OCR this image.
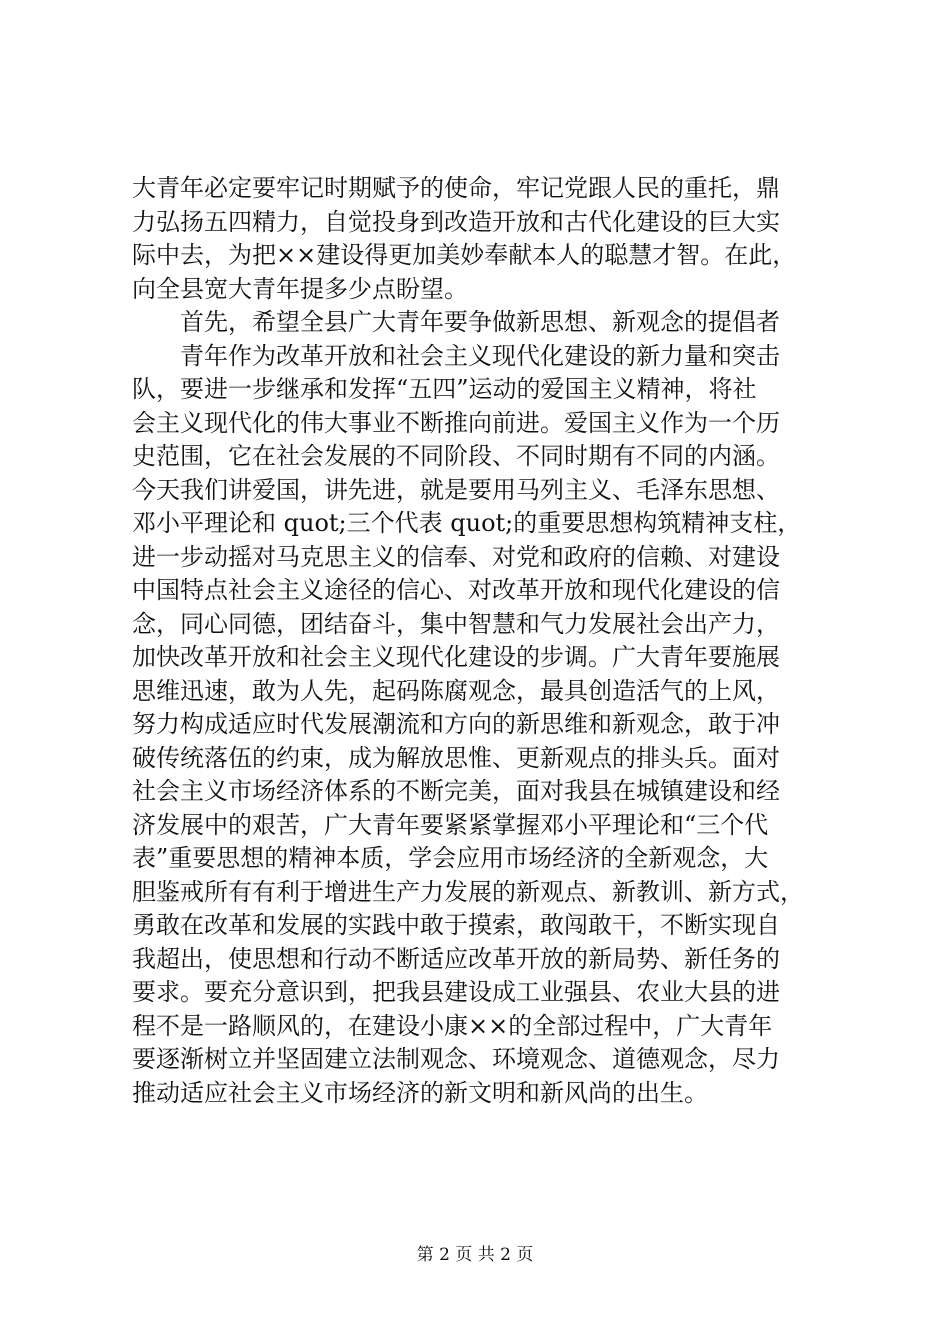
大青年必定要牢记时期赋予的使命，牢记党跟人民的重托，鼎
力弘扬五四精力，自觉投身到改造开放和古代化建设的巨大实
际中去，为把××建设得更加美妙奉献本人的聪慧才智。在此，
向全县宽大青年提多少点盼望。
　　首先，希望全县广大青年要争做新思想、新观念的提倡者
　　青年作为改革开放和社会主义现代化建设的新力量和突击
队，要进一步继承和发挥“五四”运动的爱国主义精神，将社
会主义现代化的伟大事业不断推向前进。爱国主义作为一个历
史范围，它在社会发展的不同阶段、不同时期有不同的内涵。
今天我们讲爱国，讲先进，就是要用马列主义、毛泽东思想、
邓小平理论和 quot;三个代表 quot;的重要思想构筑精神支柱，
进一步动摇对马克思主义的信奉、对党和政府的信赖、对建设
中国特点社会主义途径的信心、对改革开放和现代化建设的信
念，同心同德，团结奋斗，集中智慧和气力发展社会出产力，
加快改革开放和社会主义现代化建设的步调。广大青年要施展
思维迅速，敢为人先，起码陈腐观念，最具创造活气的上风，
努力构成适应时代发展潮流和方向的新思维和新观念，敢于冲
破传统落伍的约束，成为解放思惟、更新观点的排头兵。面对
社会主义市场经济体系的不断完美，面对我县在城镇建设和经
济发展中的艰苦，广大青年要紧紧掌握邓小平理论和“三个代
表”重要思想的精神本质，学会应用市场经济的全新观念，大
胆鉴戒所有有利于增进生产力发展的新观点、新教训、新方式，
勇敢在改革和发展的实践中敢于摸索，敢闯敢干，不断实现自
我超出，使思想和行动不断适应改革开放的新局势、新任务的
要求。要充分意识到，把我县建设成工业强县、农业大县的进
程不是一路顺风的，在建设小康××的全部过程中，广大青年
要逐渐树立并坚固建立法制观念、环境观念、道德观念，尽力
推动适应社会主义市场经济的新文明和新风尚的出生。
第 2 页 共 2 页
